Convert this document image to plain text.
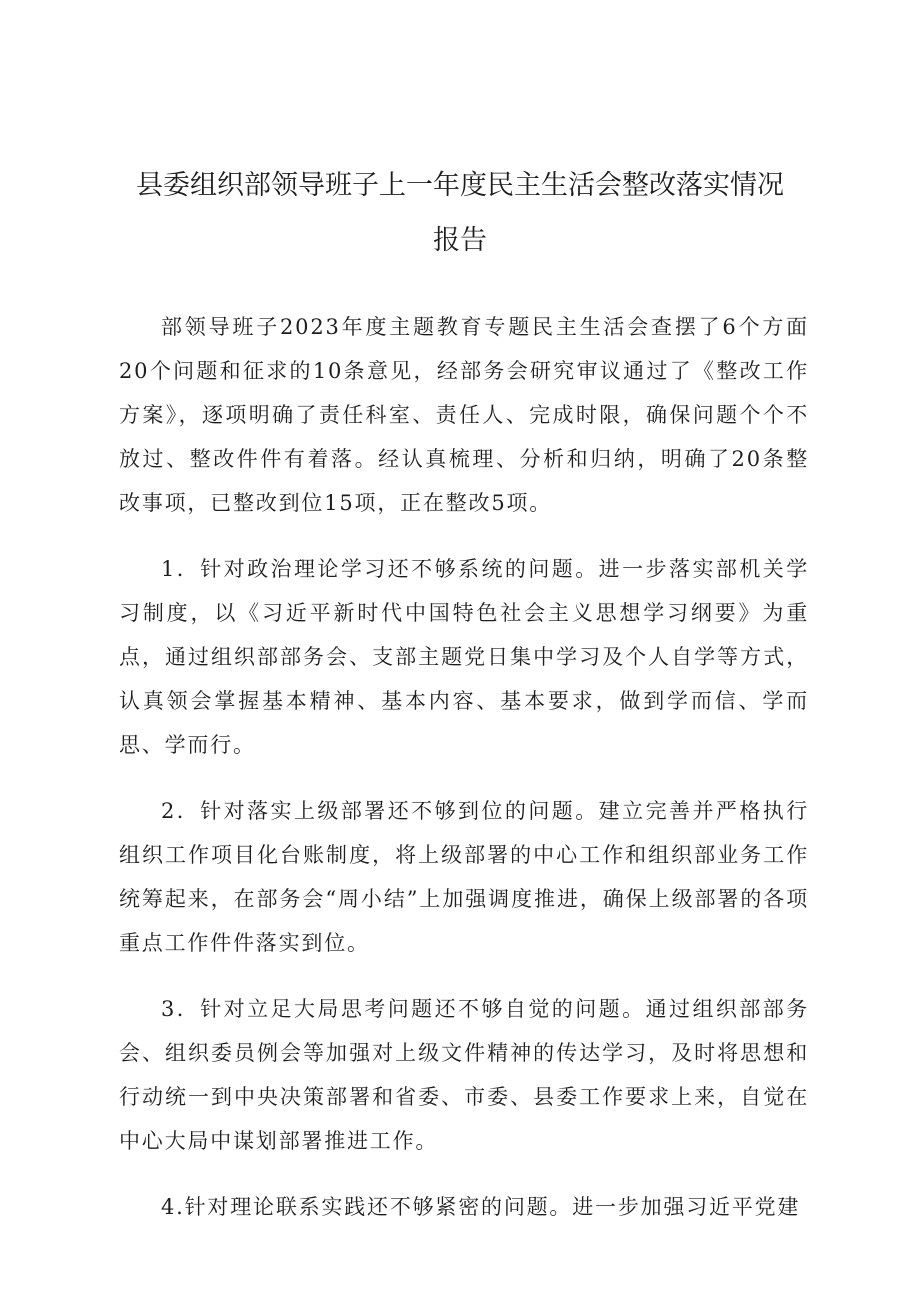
县委组织部领导班子上一年度民主生活会整改落实情况
报告

部领导班子2023年度主题教育专题民主生活会查摆了6个方面20个问题和征求的10条意见，经部务会研究审议通过了《整改工作方案》，逐项明确了责任科室、责任人、完成时限，确保问题个个不放过、整改件件有着落。经认真梳理、分析和归纳，明确了20条整改事项，已整改到位15项，正在整改5项。

1．针对政治理论学习还不够系统的问题。进一步落实部机关学习制度，以《习近平新时代中国特色社会主义思想学习纲要》为重点，通过组织部部务会、支部主题党日集中学习及个人自学等方式，认真领会掌握基本精神、基本内容、基本要求，做到学而信、学而思、学而行。

2．针对落实上级部署还不够到位的问题。建立完善并严格执行组织工作项目化台账制度，将上级部署的中心工作和组织部业务工作统筹起来，在部务会“周小结”上加强调度推进，确保上级部署的各项重点工作件件落实到位。

3．针对立足大局思考问题还不够自觉的问题。通过组织部部务会、组织委员例会等加强对上级文件精神的传达学习，及时将思想和行动统一到中央决策部署和省委、市委、县委工作要求上来，自觉在中心大局中谋划部署推进工作。

4.针对理论联系实践还不够紧密的问题。进一步加强习近平党建
